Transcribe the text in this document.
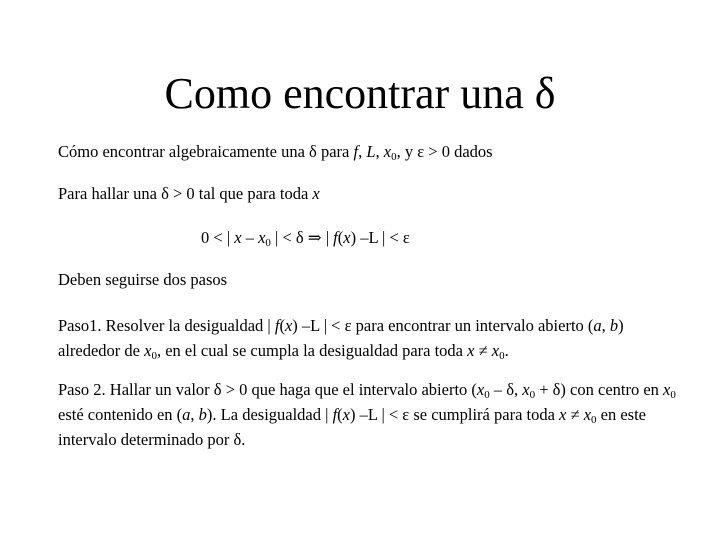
Como encontrar una δ
Cómo encontrar algebraicamente una δ para f, L, $x_0$, y ε > 0 dados
Para hallar una δ > 0 tal que para toda x
0 < | x – $x_0$ | < δ ⇒ | f(x) –L | < ε
Deben seguirse dos pasos
Paso1. Resolver la desigualdad | f(x) –L | < ε para encontrar un intervalo abierto (a, b) alrededor de $x_0$, en el cual se cumpla la desigualdad para toda $x \ne x_0$.
Paso 2. Hallar un valor δ > 0 que haga que el intervalo abierto ($x_0$ – δ, $x_0 + \delta$) con centro en $x_0$ esté contenido en (a, b). La desigualdad | f(x) –L | < ε se cumplirá para toda $x \ne x_0$ en este intervalo determinado por δ.
